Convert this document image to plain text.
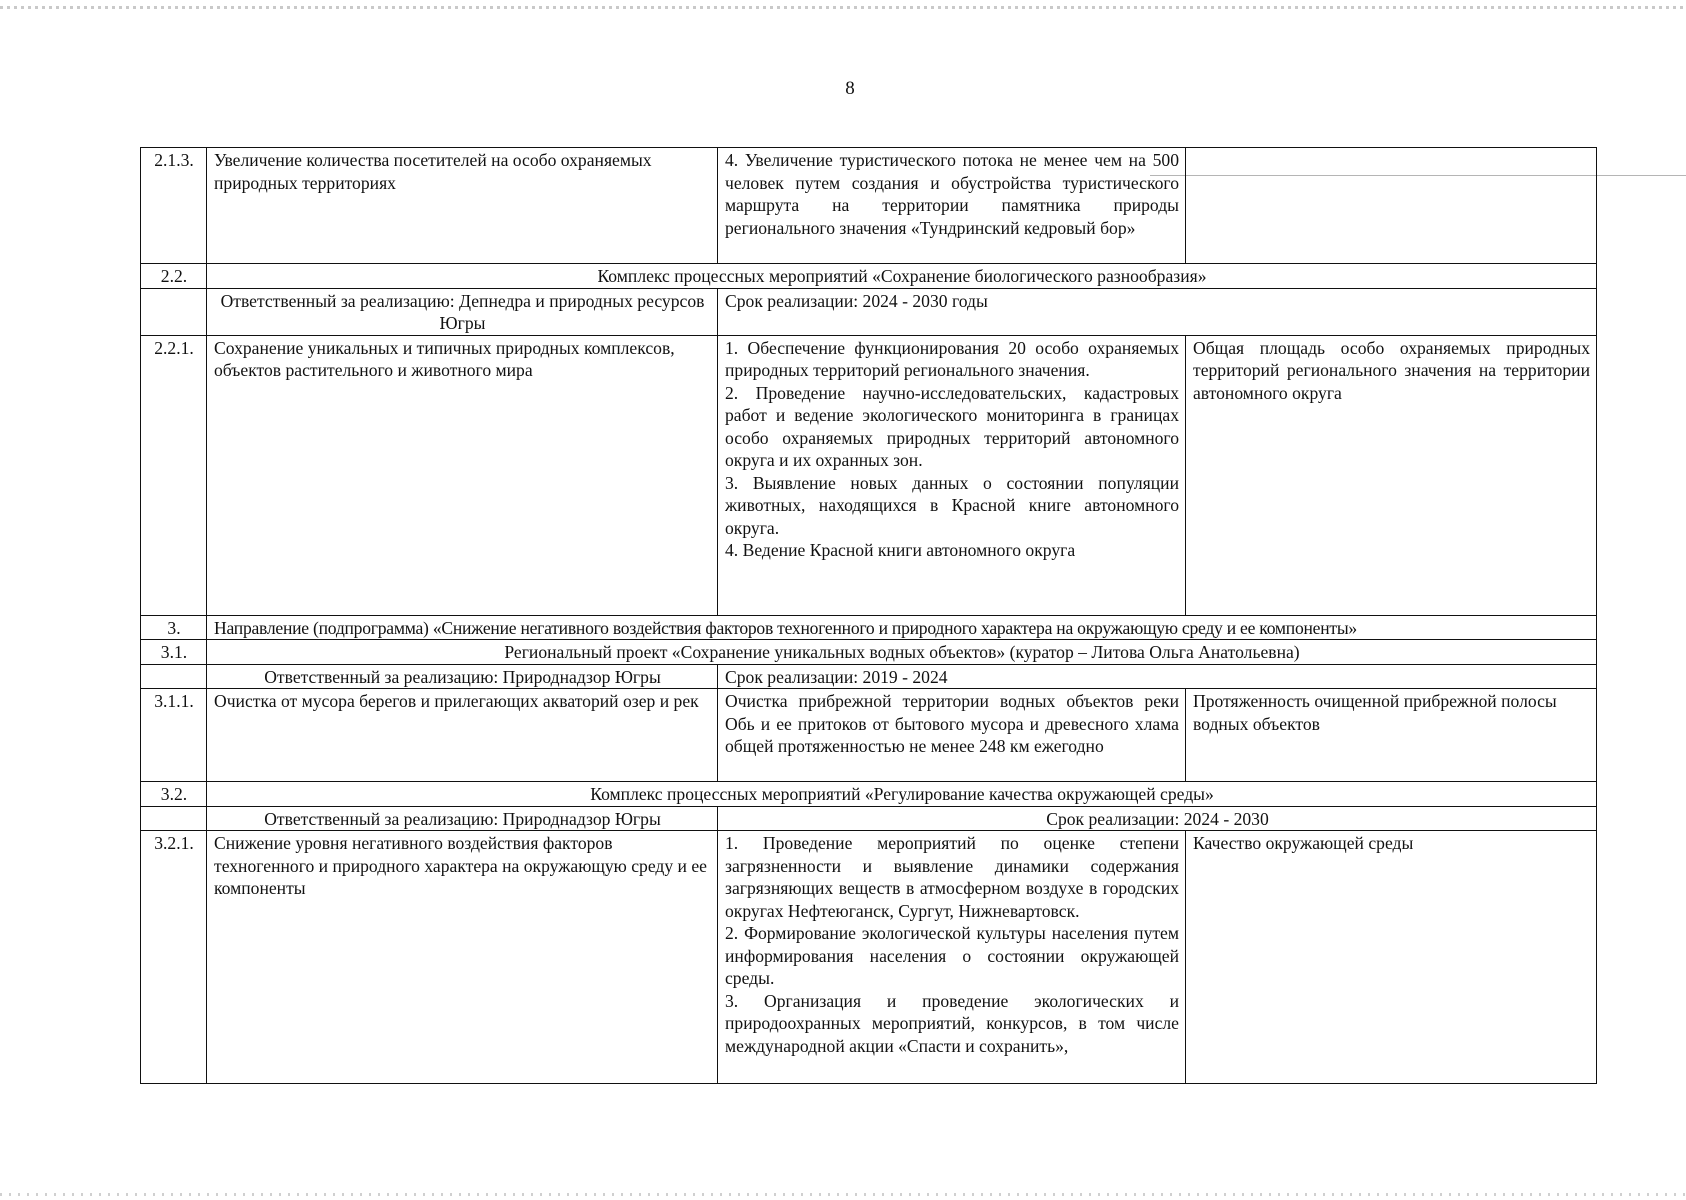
8
2.1.3.	Увеличение количества посетителей на особо охраняемых природных территориях	4. Увеличение туристического потока не менее чем на 500 человек путем создания и обустройства туристического маршрута на территории памятника природы регионального значения «Тундринский кедровый бор»	
2.2.	Комплекс процессных мероприятий «Сохранение биологического разнообразия»		
	Ответственный за реализацию: Депнедра и природных ресурсов Югры	Срок реализации: 2024 - 2030 годы	
2.2.1.	Сохранение уникальных и типичных природных комплексов, объектов растительного и животного мира	1. Обеспечение функционирования 20 особо охраняемых природных территорий регионального значения.
2. Проведение научно-исследовательских, кадастровых работ и ведение экологического мониторинга в границах особо охраняемых природных территорий автономного округа и их охранных зон.
3. Выявление новых данных о состоянии популяции животных, находящихся в Красной книге автономного округа.
4. Ведение Красной книги автономного округа	Общая площадь особо охраняемых природных территорий регионального значения на территории автономного округа
3.	Направление (подпрограмма) «Снижение негативного воздействия факторов техногенного и природного характера на окружающую среду и ее компоненты»		
3.1.	Региональный проект «Сохранение уникальных водных объектов» (куратор – Литова Ольга Анатольевна)		
	Ответственный за реализацию: Природнадзор Югры	Срок реализации: 2019 - 2024	
3.1.1.	Очистка от мусора берегов и прилегающих акваторий озер и рек	Очистка прибрежной территории водных объектов реки Обь и ее притоков от бытового мусора и древесного хлама общей протяженностью не менее 248 км ежегодно	Протяженность очищенной прибрежной полосы водных объектов
3.2.	Комплекс процессных мероприятий «Регулирование качества окружающей среды»		
	Ответственный за реализацию: Природнадзор Югры	Срок реализации: 2024 - 2030	
3.2.1.	Снижение уровня негативного воздействия факторов техногенного и природного характера на окружающую среду и ее компоненты	1. Проведение мероприятий по оценке степени загрязненности и выявление динамики содержания загрязняющих веществ в атмосферном воздухе в городских округах Нефтеюганск, Сургут, Нижневартовск.
2. Формирование экологической культуры населения путем информирования населения о состоянии окружающей среды.
3. Организация и проведение экологических и природоохранных мероприятий, конкурсов, в том числе международной акции «Спасти и сохранить»,	Качество окружающей среды
